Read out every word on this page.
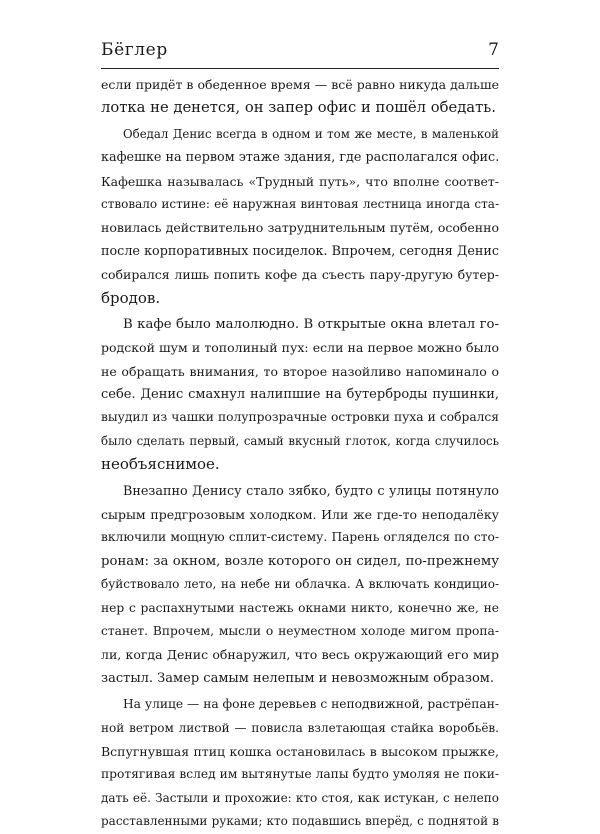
Бёглер	7
если придёт в обеденное время — всё равно никуда дальше
лотка не денется, он запер офис и пошёл обедать.
Обедал Денис всегда в одном и том же месте, в маленькой
кафешке на первом этаже здания, где располагался офис.
Кафешка называлась «Трудный путь», что вполне соответ-
ствовало истине: её наружная винтовая лестница иногда ста-
новилась действительно затруднительным путём, особенно
после корпоративных посиделок. Впрочем, сегодня Денис
собирался лишь попить кофе да съесть пару-другую бутер-
бродов.
В кафе было малолюдно. В открытые окна влетал го-
родской шум и тополиный пух: если на первое можно было
не обращать внимания, то второе назойливо напоминало о
себе. Денис смахнул налипшие на бутерброды пушинки,
выудил из чашки полупрозрачные островки пуха и собрался
было сделать первый, самый вкусный глоток, когда случилось
необъяснимое.
Внезапно Денису стало зябко, будто с улицы потянуло
сырым предгрозовым холодком. Или же где-то неподалёку
включили мощную сплит-систему. Парень огляделся по сто-
ронам: за окном, возле которого он сидел, по-прежнему
буйствовало лето, на небе ни облачка. А включать кондицио-
нер с распахнутыми настежь окнами никто, конечно же, не
станет. Впрочем, мысли о неуместном холоде мигом пропа-
ли, когда Денис обнаружил, что весь окружающий его мир
застыл. Замер самым нелепым и невозможным образом.
На улице — на фоне деревьев с неподвижной, растрёпан-
ной ветром листвой — повисла взлетающая стайка воробьёв.
Вспугнувшая птиц кошка остановилась в высоком прыжке,
протягивая вслед им вытянутые лапы будто умоляя не поки-
дать её. Застыли и прохожие: кто стоя, как истукан, с нелепо
расставленными руками; кто подавшись вперёд, с поднятой в
